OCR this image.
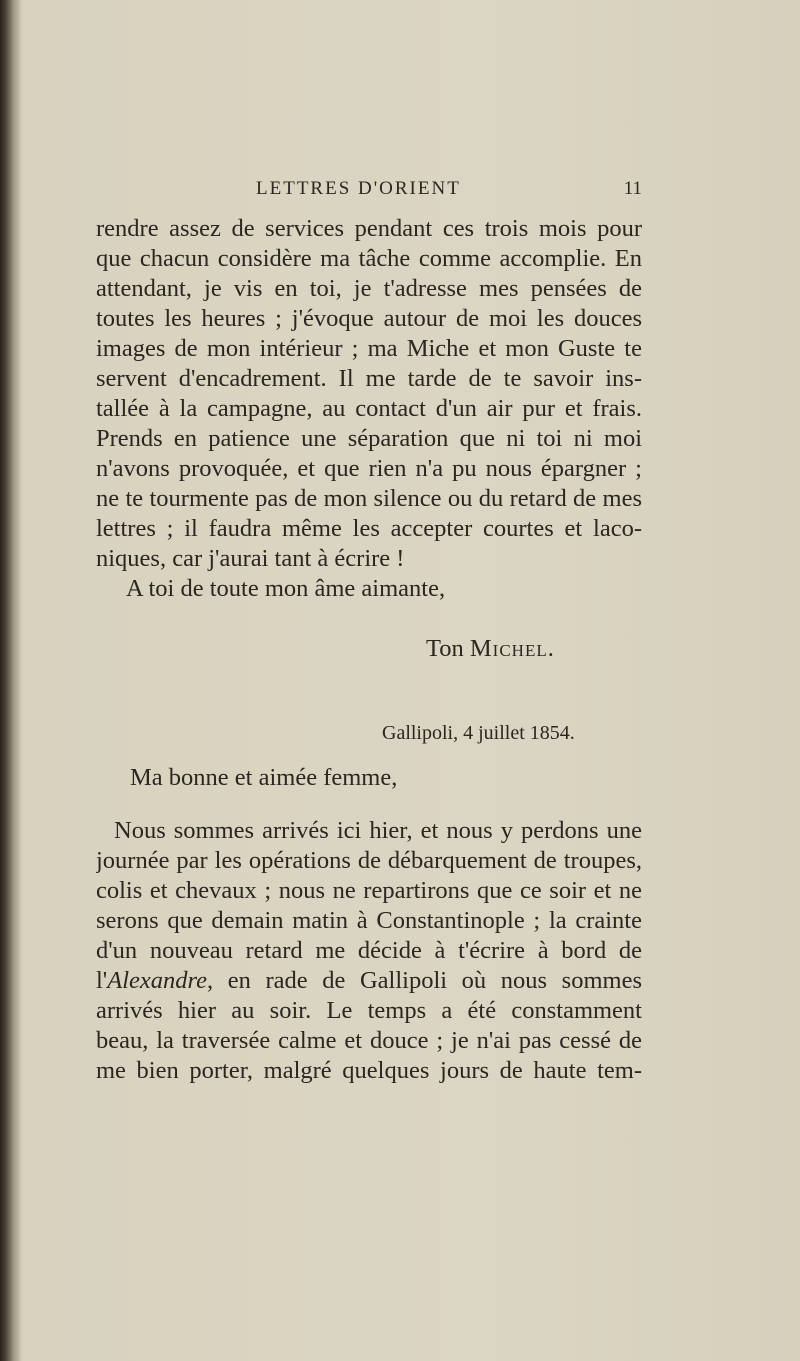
LETTRES D'ORIENT	11
rendre assez de services pendant ces trois mois pour
que chacun considère ma tâche comme accomplie. En
attendant, je vis en toi, je t'adresse mes pensées de
toutes les heures ; j'évoque autour de moi les douces
images de mon intérieur ; ma Miche et mon Guste te
servent d'encadrement. Il me tarde de te savoir ins-
tallée à la campagne, au contact d'un air pur et frais.
Prends en patience une séparation que ni toi ni moi
n'avons provoquée, et que rien n'a pu nous épargner ;
ne te tourmente pas de mon silence ou du retard de mes
lettres ; il faudra même les accepter courtes et laco-
niques, car j'aurai tant à écrire !
A toi de toute mon âme aimante,
Ton Michel.
Gallipoli, 4 juillet 1854.
Ma bonne et aimée femme,
Nous sommes arrivés ici hier, et nous y perdons une
journée par les opérations de débarquement de troupes,
colis et chevaux ; nous ne repartirons que ce soir et ne
serons que demain matin à Constantinople ; la crainte
d'un nouveau retard me décide à t'écrire à bord de
l'Alexandre, en rade de Gallipoli où nous sommes
arrivés hier au soir. Le temps a été constamment
beau, la traversée calme et douce ; je n'ai pas cessé de
me bien porter, malgré quelques jours de haute tem-
